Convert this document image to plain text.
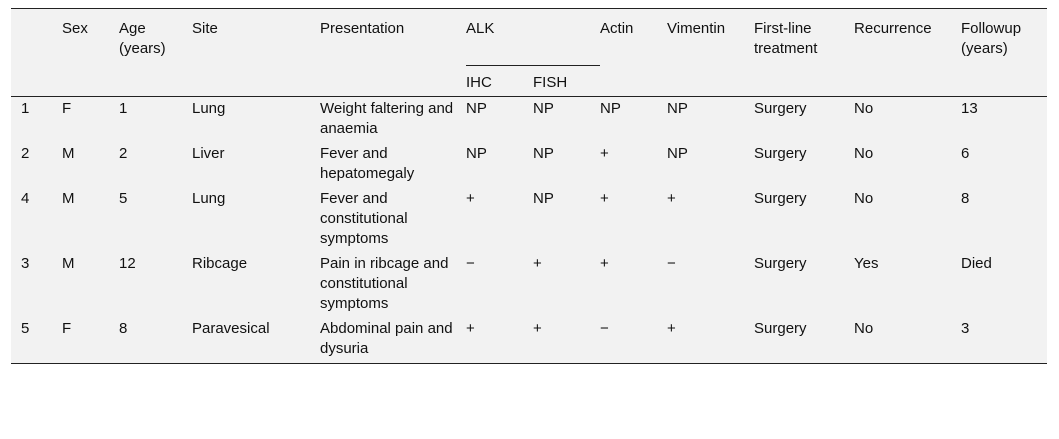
	Sex	Age (years)	Site	Presentation	ALK		Actin	Vimentin	First-line treatment	Recurrence	Followup (years)
					IHC	FISH					
1	F	1	Lung	Weight faltering and anaemia	NP	NP	NP	NP	Surgery	No	13
2	M	2	Liver	Fever and hepatomegaly	NP	NP	+	NP	Surgery	No	6
4	M	5	Lung	Fever and constitutional symptoms	+	NP	+	+	Surgery	No	8
3	M	12	Ribcage	Pain in ribcage and constitutional symptoms	−	+	+	−	Surgery	Yes	Died
5	F	8	Paravesical	Abdominal pain and dysuria	+	+	−	+	Surgery	No	3
